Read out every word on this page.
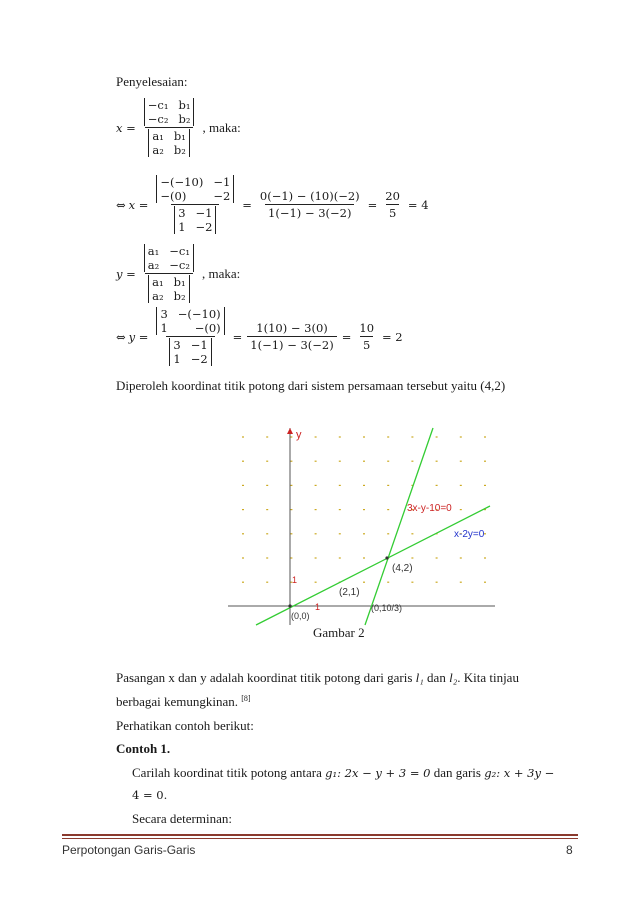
Penyelesaian:
x = −c₁ b₁
−c₂ b₂
a₁ b₁
a₂ b₂ , maka:
⇔ x = −(−10) −1
−(0) −2
3 −1
$1 -2 = \frac{0(-1) - (10)(-2)}{1(-1) - 3(-2)} = \frac{20}{5} = 4$
y = a₁ −c₁
a₂ −c₂
a₁ b₁
a₂ b₂ , maka:
⇔ y = 3 −(−10)
1 −(0)
3 −1
$1 -2 = \frac{1(10) - 3(0)}{1(-1) - 3(-2)} = \frac{10}{5} = 2$
Diperoleh koordinat titik potong dari sistem persamaan tersebut yaitu (4,2)
y
3x-y-10=0
x-2y=0
(4,2)
(2,1)
(0,0)
(0,10/3)
1
1
Gambar 2
Pasangan x dan y adalah koordinat titik potong dari garis l₁ dan l₂. Kita tinjau
berbagai kemungkinan. [8]
Perhatikan contoh berikut:
Contoh 1.
Carilah koordinat titik potong antara g₁: 2x − y + 3 = 0 dan garis g₂: x + 3y −
4 = 0.
Secara determinan:
Perpotongan Garis-Garis	8
